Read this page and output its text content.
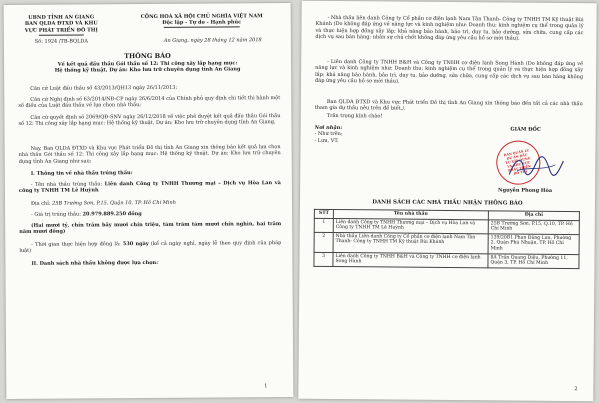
UBND TỈNH AN GIANG
BAN QLDA ĐTXD VÀ KHU
VỰC PHÁT TRIỂN ĐÔ THỊ
CỘNG HOÀ XÃ HỘI CHỦ NGHĨA VIỆT NAM
Độc lập - Tự do - Hạnh phúc
Số: 1924 /TB-BQLDA	An Giang, ngày 28 tháng 12 năm 2018
THÔNG BÁO
Về kết quả đấu thầu Gói thầu số 12: Thi công xây lắp hạng mục:
Hệ thống kỹ thuật, Dự án: Kho lưu trữ chuyên dụng tỉnh An Giang
Căn cứ Luật đấu thầu số 43/2013/QH13 ngày 26/11/2013;
Căn cứ Nghị định số 63/2014/NĐ-CP ngày 26/6/2014 của Chính phủ quy định chi tiết thi hành một số điều của Luật đấu thầu về lựa chọn nhà thầu;
Căn cứ quyết định số 2069/QĐ-SNV ngày 26/12/2018 về việc phê duyệt kết quả đấu thầu Gói thầu số 12: Thi công xây lắp hạng mục: Hệ thống kỹ thuật, Dự án: Kho lưu trữ chuyên dụng tỉnh An Giang,
Nay, Ban QLDA ĐTXD và Khu vực Phát triển Đô thị tỉnh An Giang xin thông báo kết quả lựa chọn nhà thầu Gói thầu số 12: Thi công xây lắp hạng mục: Hệ thống kỹ thuật, Dự án: Kho lưu trữ chuyên dụng tỉnh An Giang như sau:
I. Thông tin về nhà thầu trúng thầu:
- Tên nhà thầu trúng thầu: Liên danh Công ty TNHH Thương mại – Dịch vụ Hòa Lan và công ty TNHH TM Lê Huỳnh
Địa chỉ: 25B Trường Sơn, P.15, Quận 10, TP. Hồ Chí Minh
- Giá trị trúng thầu: 20.979.889.250 đồng
(Hai mươi tỷ, chín trăm bảy mươi chín triệu, tám trăm tám mươi chín nghìn, hai trăm năm mươi đồng)
- Thời gian thực hiện hợp đồng là: 530 ngày (kể cả ngày nghỉ, ngày lễ theo quy định của pháp luật)
II. Danh sách nhà thầu không được lựa chọn:
1
- Nhà thầu liên danh Công ty Cổ phần cơ điện lạnh Nam Tân Thanh- Công ty TNHH TM Kỹ thuật Bùi Khánh (Do không đáp ứng về năng lực và kinh nghiệm như: Doanh thu; kinh nghiệm cụ thể trong quản lý và thực hiện hợp đồng xây lắp; khả năng bảo hành, bảo trì, duy tu, bảo dưỡng, sửa chữa, cung cấp các dịch vụ sau bán hàng; nhân sự chủ chốt không đáp ứng yêu cầu hồ sơ mời thầu).
- Liên danh Công ty TNHH B&H và Công ty TNHH cơ điện lạnh Song Hành (Do không đáp ứng về năng lực và kinh nghiệm như: Doanh thu; kinh nghiệm cụ thể trong quản lý và thực hiện hợp đồng xây lắp; khả năng bảo hành, bảo trì, duy tu, bảo dưỡng, sửa chữa, cung cấp các dịch vụ sau bán hàng không đáp ứng yêu cầu hồ sơ mời thầu).
Ban QLDA ĐTXD và Khu vực Phát triển Đô thị tỉnh An Giang xin thông báo đến tất cả các nhà thầu tham gia dự thầu nêu trên để biết./.
Trân trọng kính chào!
Nơi nhận:
- Như trên;
- Lưu, VT.
GIÁM ĐỐC
BAN QUẢN LÝ DỰ ÁN ĐẦU TƯ XÂY DỰNG VÀ KHU VỰC PHÁT TRIỂN ĐÔ THỊ
Nguyễn Phong Hòa
DANH SÁCH CÁC NHÀ THẦU NHẬN THÔNG BÁO
STT	Tên nhà thầu	Địa chỉ
1	Liên danh Công ty TNHH Thương mại – Dịch vụ Hòa Lan và Công ty TNHH TM Lê Huỳnh	25B Trường Sơn, P.15, Q.10, TP. Hồ Chí Minh
2	Nhà thầu Liên danh Công ty Cổ phần cơ điện lạnh Nam Tân Thanh- Công ty TNHH TM Kỹ thuật Bùi Khánh	139/20B1 Phan Đăng Lưu, Phường 2, Quận Phú Nhuận, TP. Hồ Chí Minh
3	Liên danh Công ty TNHH B&H và Công ty TNHH cơ điện lạnh Song Hành	8A Trần Quang Diệu, Phường 11, Quận 3, TP. Hồ Chí Minh
2
